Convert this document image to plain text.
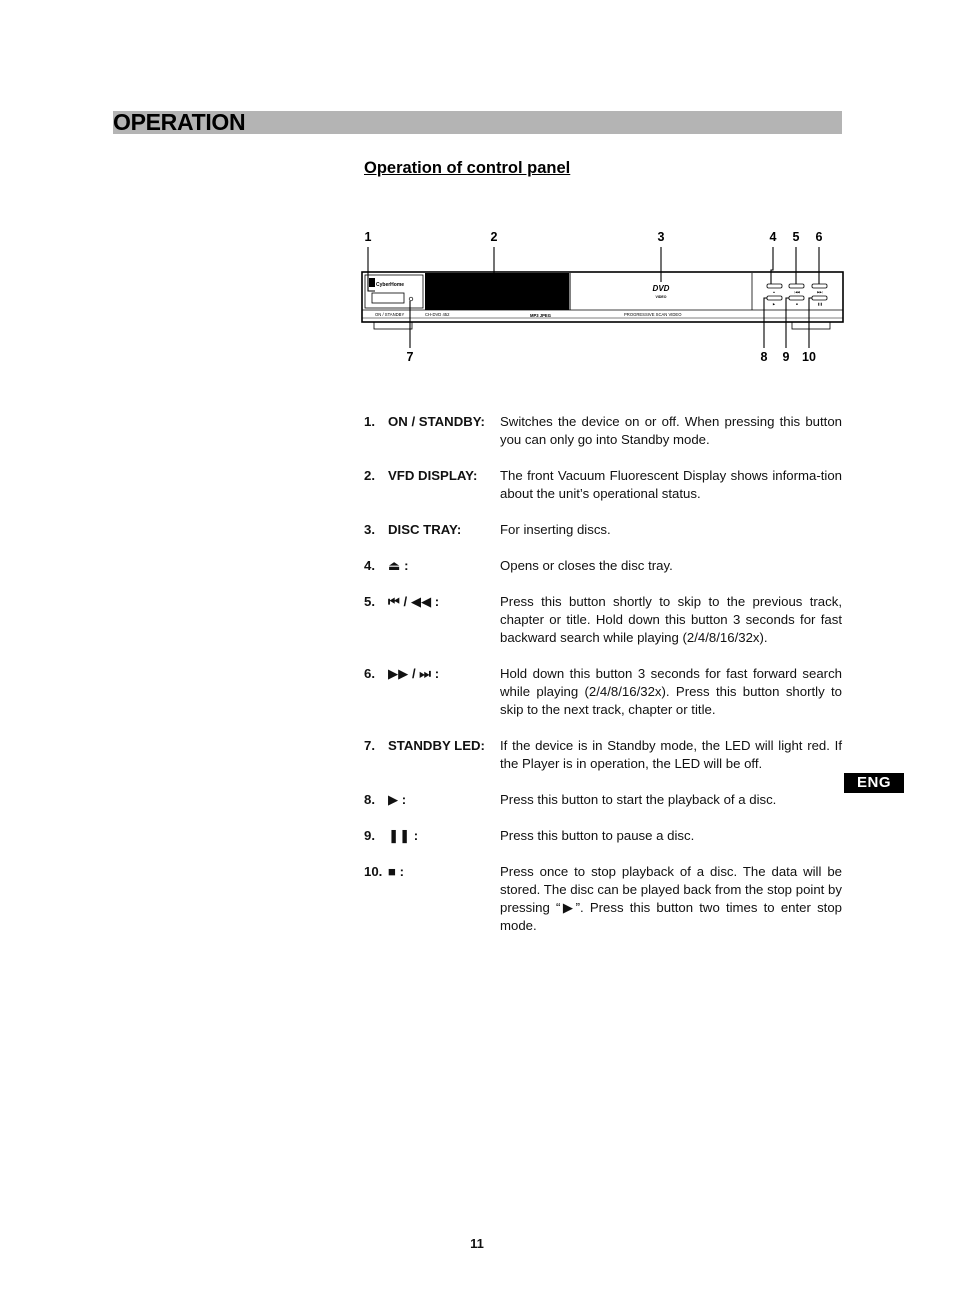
OPERATION
Operation of control panel
1	2	3	4 5 6
7	8 9 10
CyberHome	DVD
VIDEO
▲	|◀◀	▶▶|
▶	■	❚❚
ON / STANDBY	CH-DVD 452	MP3 JPEG	PROGRESSIVE SCAN VIDEO
ENG
1. ON / STANDBY: Switches the device on or off. When pressing this button you can only go into Standby mode.
2. VFD DISPLAY: The front Vacuum Fluorescent Display shows informa-tion about the unit’s operational status.
3. DISC TRAY:	For inserting discs.
4. ⏏ :	Opens or closes the disc tray.
5. ⏮ / ◀◀ :	Press this button shortly to skip to the previous track, chapter or title. Hold down this button 3 seconds for fast backward search while playing (2/4/8/16/32x).
6. ▶▶ / ⏭ :	Hold down this button 3 seconds for fast forward search while playing (2/4/8/16/32x). Press this button shortly to skip to the next track, chapter or title.
7. STANDBY LED: If the device is in Standby mode, the LED will light red. If the Player is in operation, the LED will be off.
8. ▶ :	Press this button to start the playback of a disc.
9. ❚❚ :	Press this button to pause a disc.
10. ■ :	Press once to stop playback of a disc. The data will be stored. The disc can be played back from the stop point by pressing “▶”. Press this button two times to enter stop mode.
11
